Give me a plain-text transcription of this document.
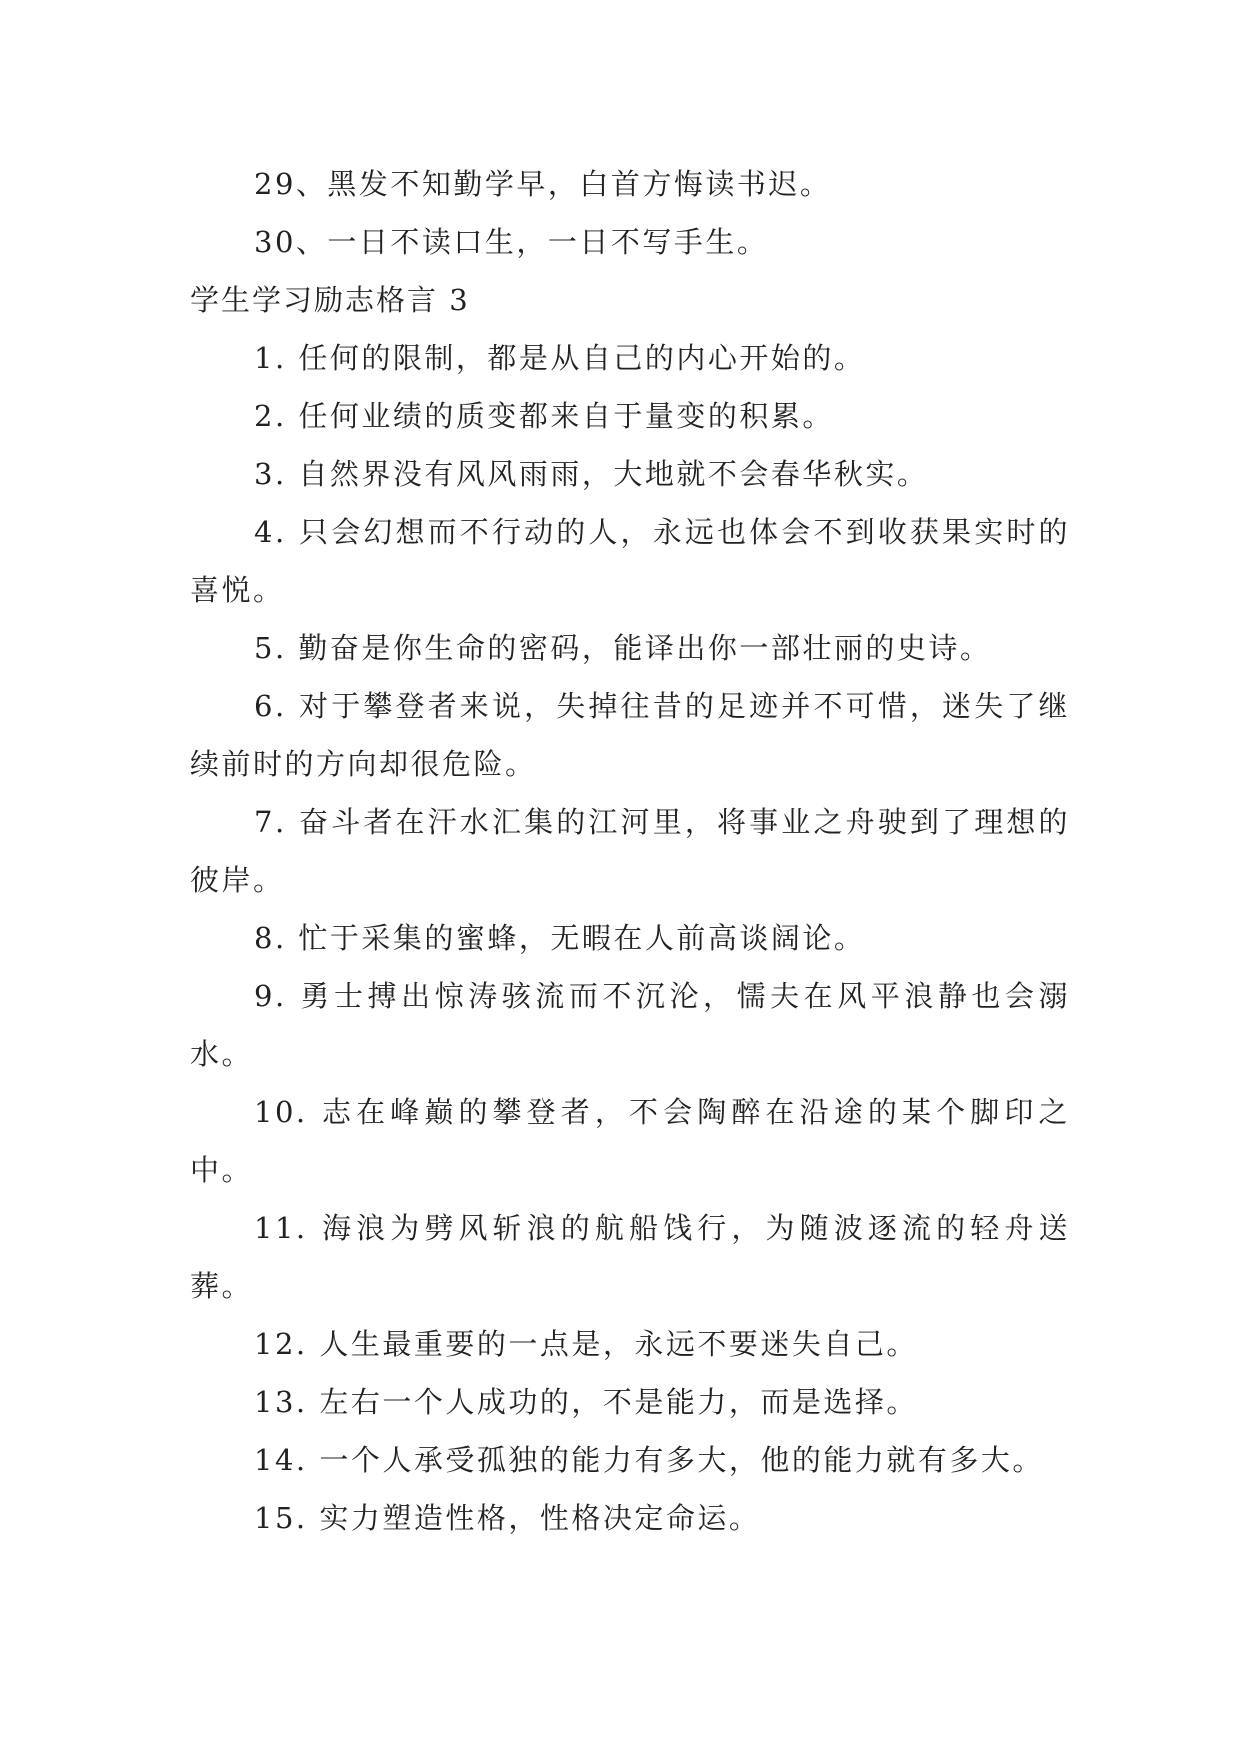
29、黑发不知勤学早，白首方悔读书迟。

30、一日不读口生，一日不写手生。

学生学习励志格言 3

1. 任何的限制，都是从自己的内心开始的。

2. 任何业绩的质变都来自于量变的积累。

3. 自然界没有风风雨雨，大地就不会春华秋实。

4. 只会幻想而不行动的人，永远也体会不到收获果实时的喜悦。

5. 勤奋是你生命的密码，能译出你一部壮丽的史诗。

6. 对于攀登者来说，失掉往昔的足迹并不可惜，迷失了继续前时的方向却很危险。

7. 奋斗者在汗水汇集的江河里，将事业之舟驶到了理想的彼岸。

8. 忙于采集的蜜蜂，无暇在人前高谈阔论。

9. 勇士搏出惊涛骇流而不沉沦，懦夫在风平浪静也会溺水。

10. 志在峰巅的攀登者，不会陶醉在沿途的某个脚印之中。

11. 海浪为劈风斩浪的航船饯行，为随波逐流的轻舟送葬。

12. 人生最重要的一点是，永远不要迷失自己。

13. 左右一个人成功的，不是能力，而是选择。

14. 一个人承受孤独的能力有多大，他的能力就有多大。

15. 实力塑造性格，性格决定命运。
